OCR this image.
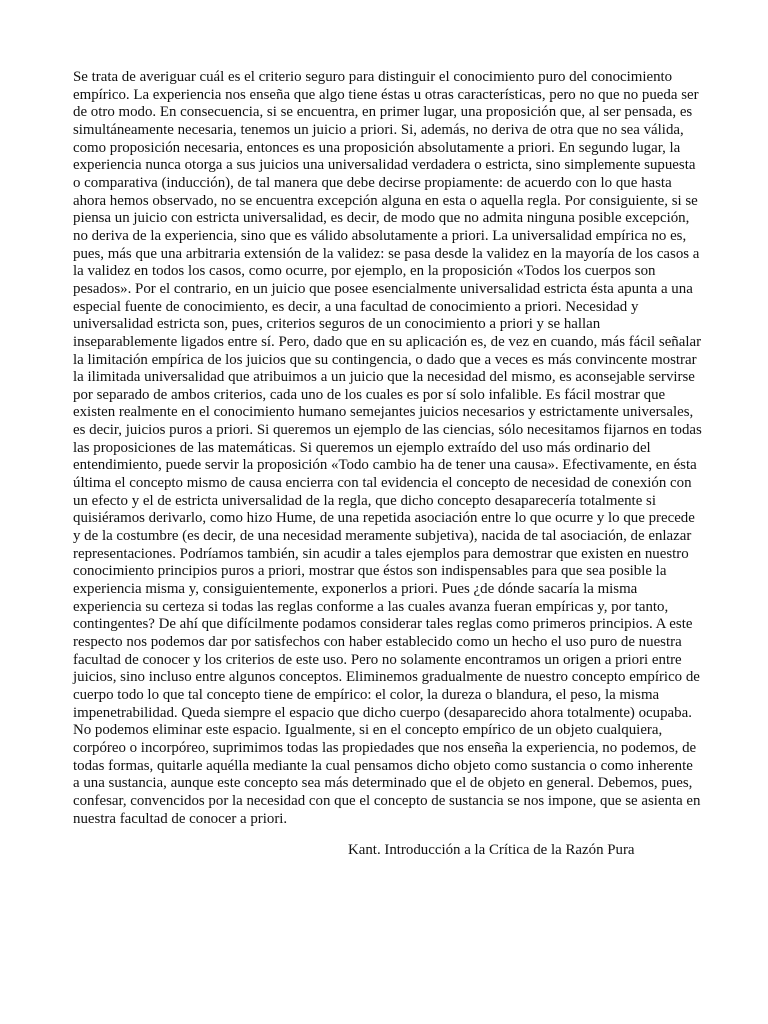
Se trata de averiguar cuál es el criterio seguro para distinguir el conocimiento puro del conocimiento empírico. La experiencia nos enseña que algo tiene éstas u otras características, pero no que no pueda ser de otro modo. En consecuencia, si se encuentra, en primer lugar, una proposición que, al ser pensada, es simultáneamente necesaria, tenemos un juicio a priori. Si, además, no deriva de otra que no sea válida, como proposición necesaria, entonces es una proposición absolutamente a priori. En segundo lugar, la experiencia nunca otorga a sus juicios una universalidad verdadera o estricta, sino simplemente supuesta o comparativa (inducción), de tal manera que debe decirse propiamente: de acuerdo con lo que hasta ahora hemos observado, no se encuentra excepción alguna en esta o aquella regla. Por consiguiente, si se piensa un juicio con estricta universalidad, es decir, de modo que no admita ninguna posible excepción, no deriva de la experiencia, sino que es válido absolutamente a priori. La universalidad empírica no es, pues, más que una arbitraria extensión de la validez: se pasa desde la validez en la mayoría de los casos a la validez en todos los casos, como ocurre, por ejemplo, en la proposición «Todos los cuerpos son pesados». Por el contrario, en un juicio que posee esencialmente universalidad estricta ésta apunta a una especial fuente de conocimiento, es decir, a una facultad de conocimiento a priori. Necesidad y universalidad estricta son, pues, criterios seguros de un conocimiento a priori y se hallan inseparablemente ligados entre sí. Pero, dado que en su aplicación es, de vez en cuando, más fácil señalar la limitación empírica de los juicios que su contingencia, o dado que a veces es más convincente mostrar la ilimitada universalidad que atribuimos a un juicio que la necesidad del mismo, es aconsejable servirse por separado de ambos criterios, cada uno de los cuales es por sí solo infalible. Es fácil mostrar que existen realmente en el conocimiento humano semejantes juicios necesarios y estrictamente universales, es decir, juicios puros a priori. Si queremos un ejemplo de las ciencias, sólo necesitamos fijarnos en todas las proposiciones de las matemáticas. Si queremos un ejemplo extraído del uso más ordinario del entendimiento, puede servir la proposición «Todo cambio ha de tener una causa». Efectivamente, en ésta última el concepto mismo de causa encierra con tal evidencia el concepto de necesidad de conexión con un efecto y el de estricta universalidad de la regla, que dicho concepto desaparecería totalmente si quisiéramos derivarlo, como hizo Hume, de una repetida asociación entre lo que ocurre y lo que precede y de la costumbre (es decir, de una necesidad meramente subjetiva), nacida de tal asociación, de enlazar representaciones. Podríamos también, sin acudir a tales ejemplos para demostrar que existen en nuestro conocimiento principios puros a priori, mostrar que éstos son indispensables para que sea posible la experiencia misma y, consiguientemente, exponerlos a priori. Pues ¿de dónde sacaría la misma experiencia su certeza si todas las reglas conforme a las cuales avanza fueran empíricas y, por tanto, contingentes? De ahí que difícilmente podamos considerar tales reglas como primeros principios. A este respecto nos podemos dar por satisfechos con haber establecido como un hecho el uso puro de nuestra facultad de conocer y los criterios de este uso. Pero no solamente encontramos un origen a priori entre juicios, sino incluso entre algunos conceptos. Eliminemos gradualmente de nuestro concepto empírico de cuerpo todo lo que tal concepto tiene de empírico: el color, la dureza o blandura, el peso, la misma impenetrabilidad. Queda siempre el espacio que dicho cuerpo (desaparecido ahora totalmente) ocupaba. No podemos eliminar este espacio. Igualmente, si en el concepto empírico de un objeto cualquiera, corpóreo o incorpóreo, suprimimos todas las propiedades que nos enseña la experiencia, no podemos, de todas formas, quitarle aquélla mediante la cual pensamos dicho objeto como sustancia o como inherente a una sustancia, aunque este concepto sea más determinado que el de objeto en general. Debemos, pues, confesar, convencidos por la necesidad con que el concepto de sustancia se nos impone, que se asienta en nuestra facultad de conocer a priori.

Kant. Introducción a la Crítica de la Razón Pura
